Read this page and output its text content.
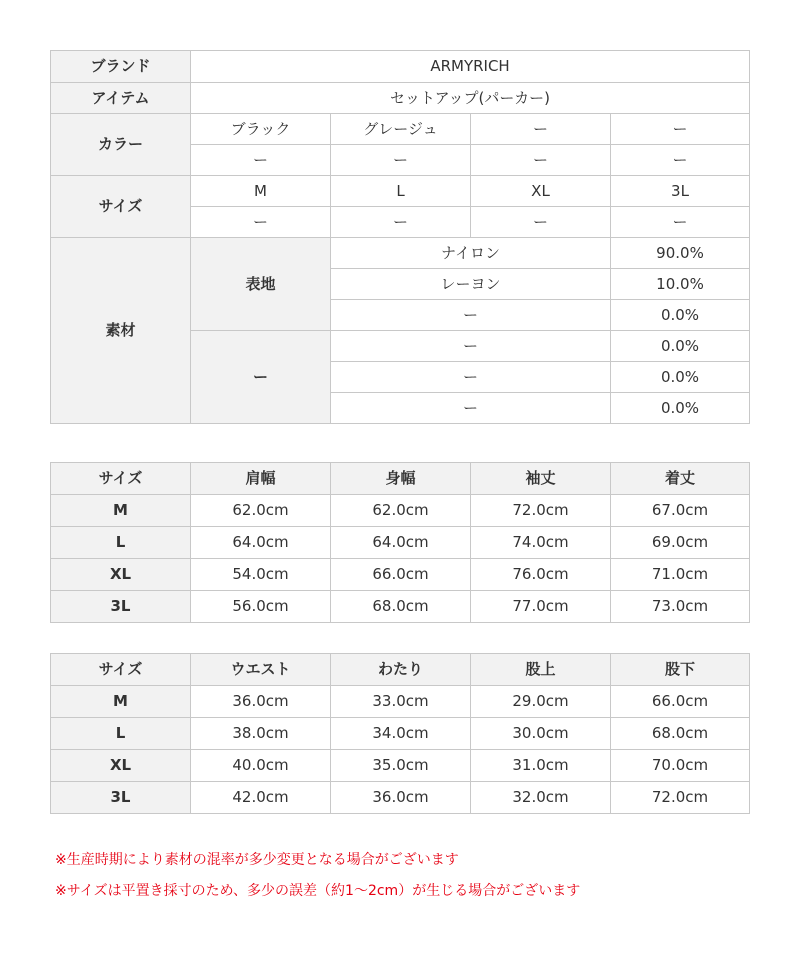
ブランド	ARMYRICH			
アイテム	セットアップ(パーカー)			
カラー	ブラック	グレージュ	ー	ー
	ー	ー	ー	ー
サイズ	M	L	XL	3L
	ー	ー	ー	ー
素材	表地	ナイロン		90.0%
		レーヨン		10.0%
		ー		0.0%
	ー	ー		0.0%
		ー		0.0%
		ー		0.0%
サイズ	肩幅	身幅	袖丈	着丈
M	62.0cm	62.0cm	72.0cm	67.0cm
L	64.0cm	64.0cm	74.0cm	69.0cm
XL	54.0cm	66.0cm	76.0cm	71.0cm
3L	56.0cm	68.0cm	77.0cm	73.0cm
サイズ	ウエスト	わたり	股上	股下
M	36.0cm	33.0cm	29.0cm	66.0cm
L	38.0cm	34.0cm	30.0cm	68.0cm
XL	40.0cm	35.0cm	31.0cm	70.0cm
3L	42.0cm	36.0cm	32.0cm	72.0cm
※生産時期により素材の混率が多少変更となる場合がございます
※サイズは平置き採寸のため、多少の誤差（約1～2cm）が生じる場合がございます
